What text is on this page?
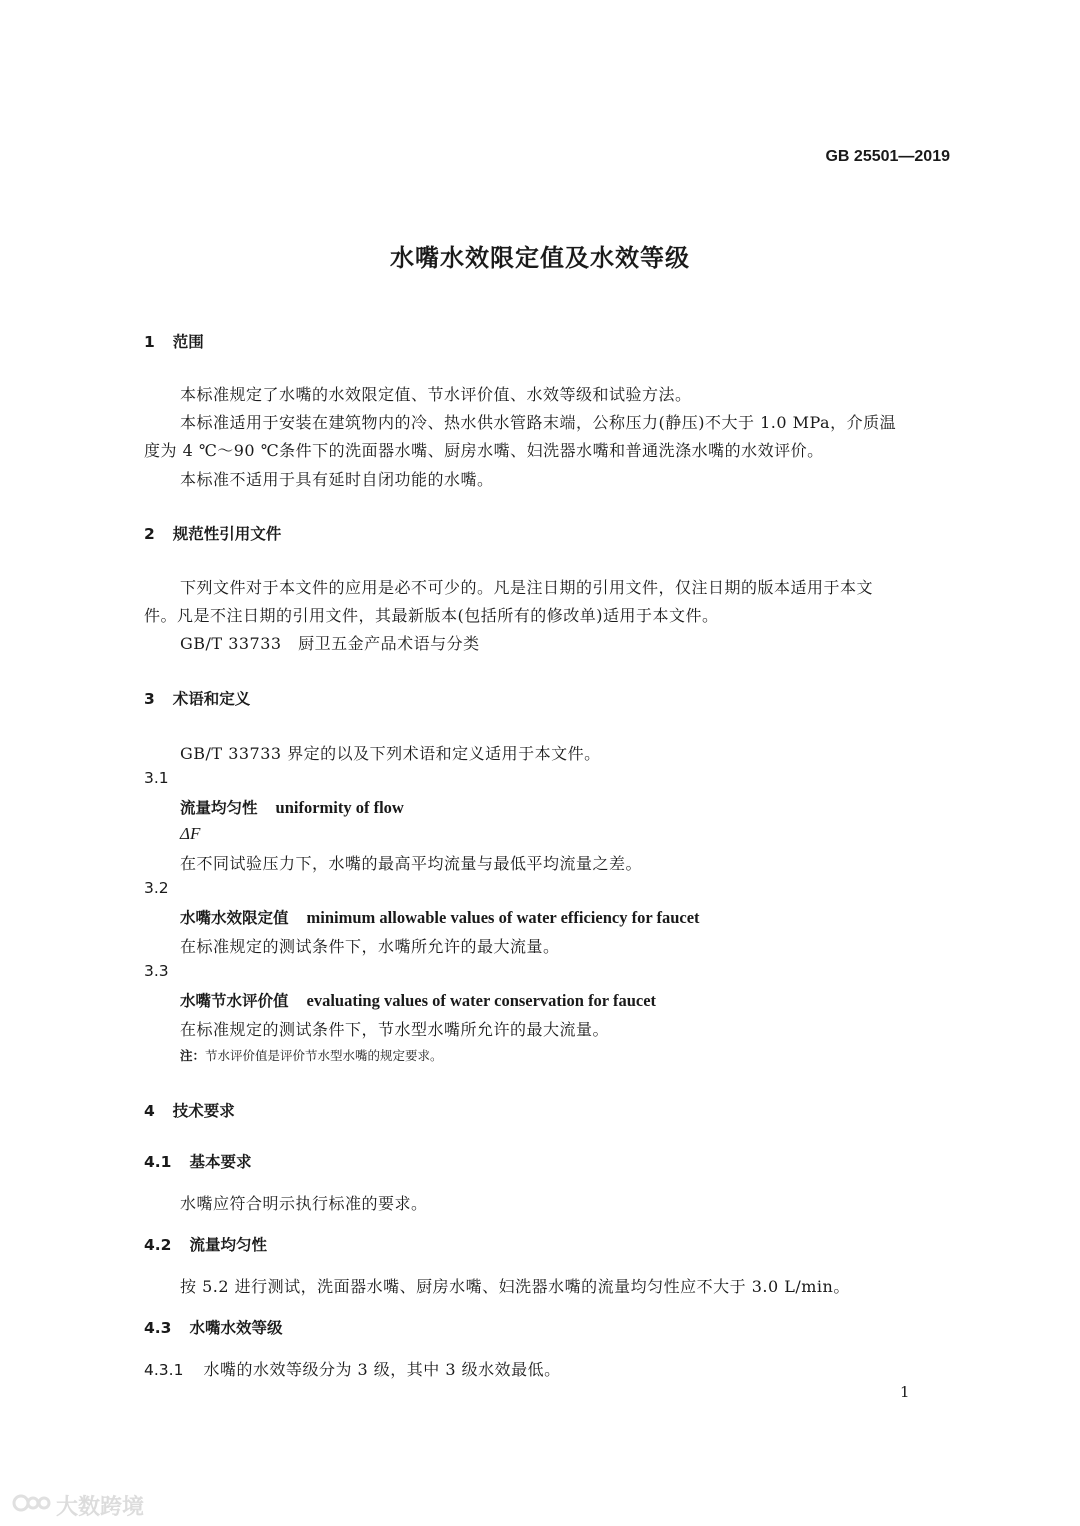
GB 25501—2019
水嘴水效限定值及水效等级
1 范围
本标准规定了水嘴的水效限定值、节水评价值、水效等级和试验方法。
本标准适用于安装在建筑物内的冷、热水供水管路末端，公称压力(静压)不大于 1.0 MPa，介质温
度为 4 ℃～90 ℃条件下的洗面器水嘴、厨房水嘴、妇洗器水嘴和普通洗涤水嘴的水效评价。
本标准不适用于具有延时自闭功能的水嘴。
2 规范性引用文件
下列文件对于本文件的应用是必不可少的。凡是注日期的引用文件，仅注日期的版本适用于本文
件。凡是不注日期的引用文件，其最新版本(包括所有的修改单)适用于本文件。
GB/T 33733　厨卫五金产品术语与分类
3 术语和定义
GB/T 33733 界定的以及下列术语和定义适用于本文件。
3.1
流量均匀性 uniformity of flow
ΔF
在不同试验压力下，水嘴的最高平均流量与最低平均流量之差。
3.2
水嘴水效限定值 minimum allowable values of water efficiency for faucet
在标准规定的测试条件下，水嘴所允许的最大流量。
3.3
水嘴节水评价值 evaluating values of water conservation for faucet
在标准规定的测试条件下，节水型水嘴所允许的最大流量。
注：节水评价值是评价节水型水嘴的规定要求。
4 技术要求
4.1 基本要求
水嘴应符合明示执行标准的要求。
4.2 流量均匀性
按 5.2 进行测试，洗面器水嘴、厨房水嘴、妇洗器水嘴的流量均匀性应不大于 3.0 L/min。
4.3 水嘴水效等级
4.3.1 水嘴的水效等级分为 3 级，其中 3 级水效最低。
1
大数跨境
